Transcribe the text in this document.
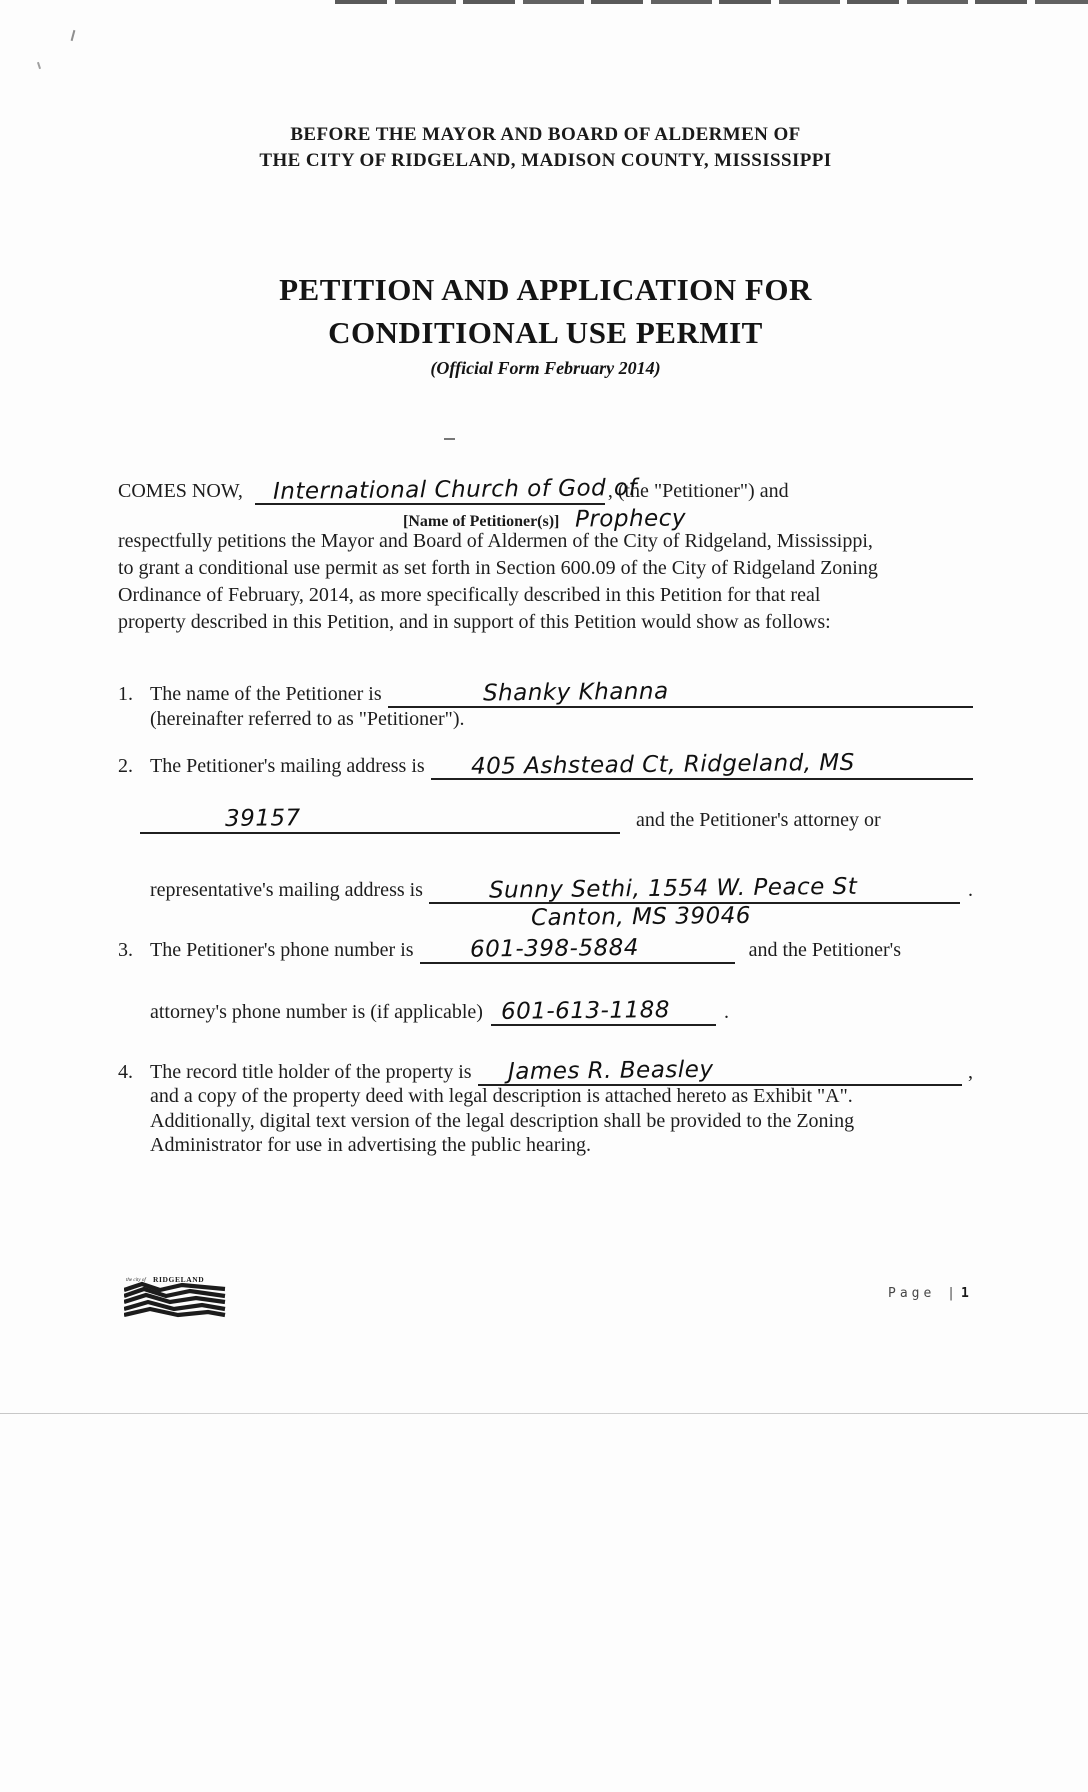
BEFORE THE MAYOR AND BOARD OF ALDERMEN OF
THE CITY OF RIDGELAND, MADISON COUNTY, MISSISSIPPI
PETITION AND APPLICATION FOR
CONDITIONAL USE PERMIT
(Official Form February 2014)
COMES NOW,	International Church of God of
, (the "Petitioner") and
[Name of Petitioner(s)] Prophecy
respectfully petitions the Mayor and Board of Aldermen of the City of Ridgeland, Mississippi, to grant a conditional use permit as set forth in Section 600.09 of the City of Ridgeland Zoning Ordinance of February, 2014, as more specifically described in this Petition for that real property described in this Petition, and in support of this Petition would show as follows:
1. The name of the Petitioner is	Shanky Khanna
(hereinafter referred to as "Petitioner").
2. The Petitioner's mailing address is	405 Ashstead Ct, Ridgeland, MS
39157	and the Petitioner's attorney or
representative's mailing address is	Sunny Sethi, 1554 W. Peace St	.
Canton, MS 39046
3. The Petitioner's phone number is	601-398-5884	and the Petitioner's
attorney's phone number is (if applicable) 601-613-1188	.
4. The record title holder of the property is	James R. Beasley	,
and a copy of the property deed with legal description is attached hereto as Exhibit "A". Additionally, digital text version of the legal description shall be provided to the Zoning Administrator for use in advertising the public hearing.
the city of RIDGELAND
Page | 1
